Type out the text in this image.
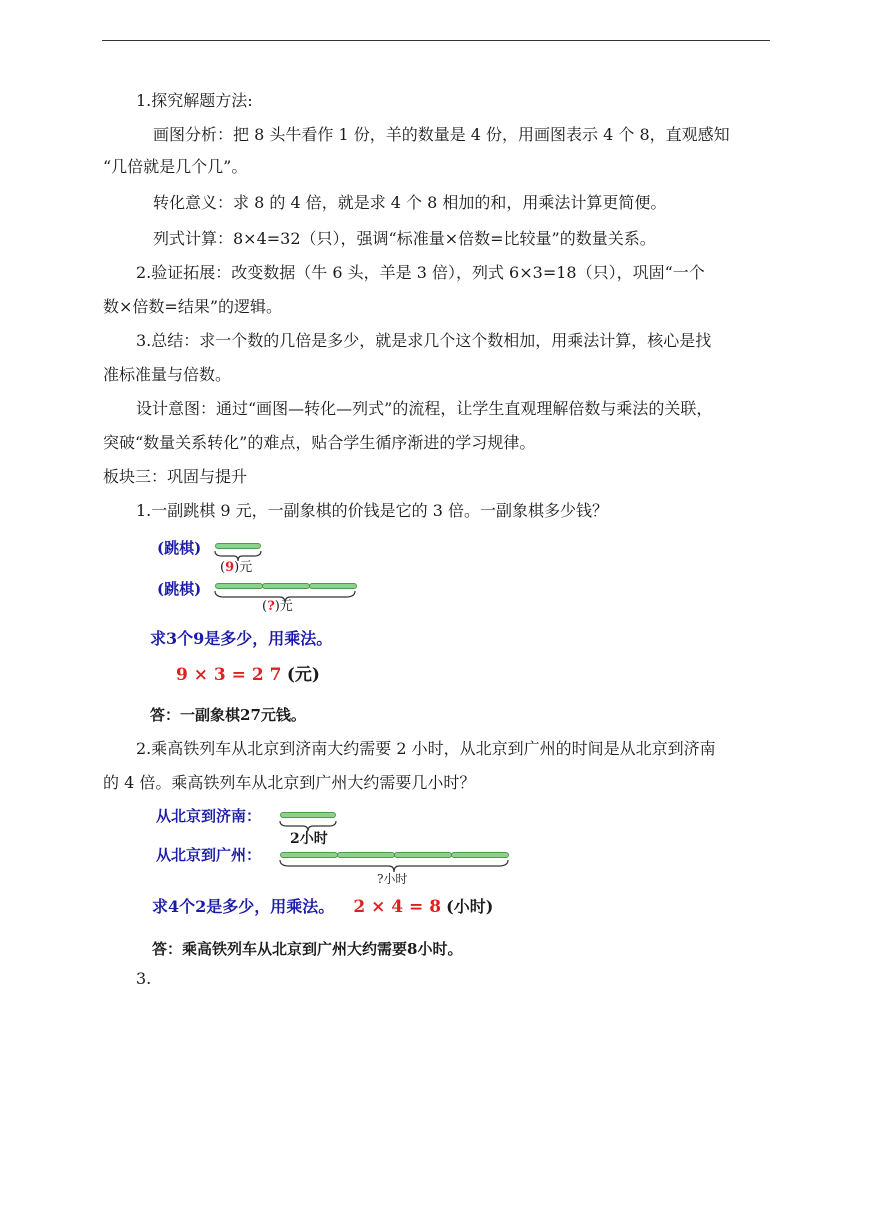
1.探究解题方法:
画图分析：把 8 头牛看作 1 份，羊的数量是 4 份，用画图表示 4 个 8，直观感知
“几倍就是几个几”。
转化意义：求 8 的 4 倍，就是求 4 个 8 相加的和，用乘法计算更简便。
列式计算：8×4=32（只），强调“标准量×倍数=比较量”的数量关系。
2.验证拓展：改变数据（牛 6 头，羊是 3 倍），列式 6×3=18（只），巩固“一个
数×倍数=结果”的逻辑。
3.总结：求一个数的几倍是多少，就是求几个这个数相加，用乘法计算，核心是找
准标准量与倍数。
设计意图：通过“画图—转化—列式”的流程，让学生直观理解倍数与乘法的关联，
突破“数量关系转化”的难点，贴合学生循序渐进的学习规律。
板块三：巩固与提升
1.一副跳棋 9 元，一副象棋的价钱是它的 3 倍。一副象棋多少钱？
(跳棋)
(9)元
(跳棋)
(?)元
求3个9是多少，用乘法。
9 × 3 = 2 7 (元)
答：一副象棋27元钱。
2.乘高铁列车从北京到济南大约需要 2 小时，从北京到广州的时间是从北京到济南
的 4 倍。乘高铁列车从北京到广州大约需要几小时？
从北京到济南：
2小时
从北京到广州：
?小时
求4个2是多少，用乘法。 2 × 4 = 8 (小时)
答：乘高铁列车从北京到广州大约需要8小时。
3.
